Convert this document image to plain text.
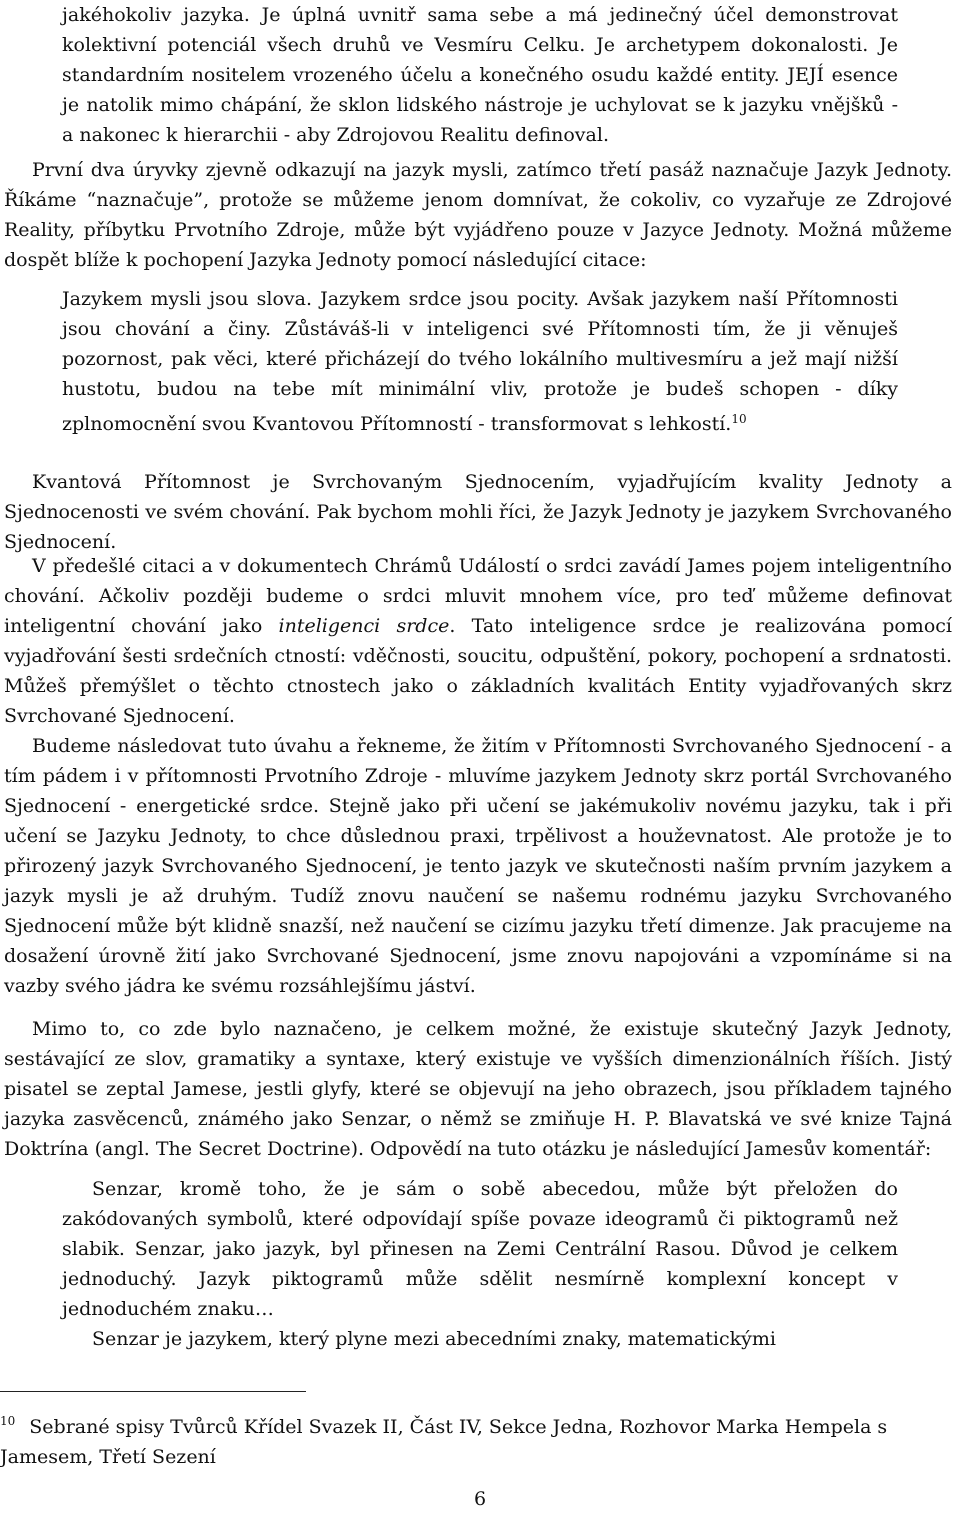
jakéhokoliv jazyka. Je úplná uvnitř sama sebe a má jedinečný účel demonstrovat kolektivní potenciál všech druhů ve Vesmíru Celku. Je archetypem dokonalosti. Je standardním nositelem vrozeného účelu a konečného osudu každé entity. JEJÍ esence je natolik mimo chápání, že sklon lidského nástroje je uchylovat se k jazyku vnějšků - a nakonec k hierarchii - aby Zdrojovou Realitu definoval.

První dva úryvky zjevně odkazují na jazyk mysli, zatímco třetí pasáž naznačuje Jazyk Jednoty. Říkáme “naznačuje”, protože se můžeme jenom domnívat, že cokoliv, co vyzařuje ze Zdrojové Reality, příbytku Prvotního Zdroje, může být vyjádřeno pouze v Jazyce Jednoty. Možná můžeme dospět blíže k pochopení Jazyka Jednoty pomocí následující citace:

Jazykem mysli jsou slova. Jazykem srdce jsou pocity. Avšak jazykem naší Přítomnosti jsou chování a činy. Zůstáváš-li v inteligenci své Přítomnosti tím, že ji věnuješ pozornost, pak věci, které přicházejí do tvého lokálního multivesmíru a jež mají nižší hustotu, budou na tebe mít minimální vliv, protože je budeš schopen - díky zplnomocnění svou Kvantovou Přítomností - transformovat s lehkostí.$^{10}$

Kvantová Přítomnost je Svrchovaným Sjednocením, vyjadřujícím kvality Jednoty a Sjednocenosti ve svém chování. Pak bychom mohli říci, že Jazyk Jednoty je jazykem Svrchovaného Sjednocení.

V předešlé citaci a v dokumentech Chrámů Událostí o srdci zavádí James pojem inteligentního chování. Ačkoliv později budeme o srdci mluvit mnohem více, pro teď můžeme definovat inteligentní chování jako inteligenci srdce. Tato inteligence srdce je realizována pomocí vyjadřování šesti srdečních ctností: vděčnosti, soucitu, odpuštění, pokory, pochopení a srdnatosti. Můžeš přemýšlet o těchto ctnostech jako o základních kvalitách Entity vyjadřovaných skrz Svrchované Sjednocení.

Budeme následovat tuto úvahu a řekneme, že žitím v Přítomnosti Svrchovaného Sjednocení - a tím pádem i v přítomnosti Prvotního Zdroje - mluvíme jazykem Jednoty skrz portál Svrchovaného Sjednocení - energetické srdce. Stejně jako při učení se jakémukoliv novému jazyku, tak i při učení se Jazyku Jednoty, to chce důslednou praxi, trpělivost a houževnatost. Ale protože je to přirozený jazyk Svrchovaného Sjednocení, je tento jazyk ve skutečnosti naším prvním jazykem a jazyk mysli je až druhým. Tudíž znovu naučení se našemu rodnému jazyku Svrchovaného Sjednocení může být klidně snazší, než naučení se cizímu jazyku třetí dimenze. Jak pracujeme na dosažení úrovně žití jako Svrchované Sjednocení, jsme znovu napojováni a vzpomínáme si na vazby svého jádra ke svému rozsáhlejšímu jáství.

Mimo to, co zde bylo naznačeno, je celkem možné, že existuje skutečný Jazyk Jednoty, sestávající ze slov, gramatiky a syntaxe, který existuje ve vyšších dimenzionálních říších. Jistý pisatel se zeptal Jamese, jestli glyfy, které se objevují na jeho obrazech, jsou příkladem tajného jazyka zasvěcenců, známého jako Senzar, o němž se zmiňuje H. P. Blavatská ve své knize Tajná Doktrína (angl. The Secret Doctrine). Odpovědí na tuto otázku je následující Jamesův komentář:

Senzar, kromě toho, že je sám o sobě abecedou, může být přeložen do zakódovaných symbolů, které odpovídají spíše povaze ideogramů či piktogramů než slabik. Senzar, jako jazyk, byl přinesen na Zemi Centrální Rasou. Důvod je celkem jednoduchý. Jazyk piktogramů může sdělit nesmírně komplexní koncept v jednoduchém znaku…

Senzar je jazykem, který plyne mezi abecedními znaky, matematickými

$^{10}$ Sebrané spisy Tvůrců Křídel Svazek II, Část IV, Sekce Jedna, Rozhovor Marka Hempela s Jamesem, Třetí Sezení

6
